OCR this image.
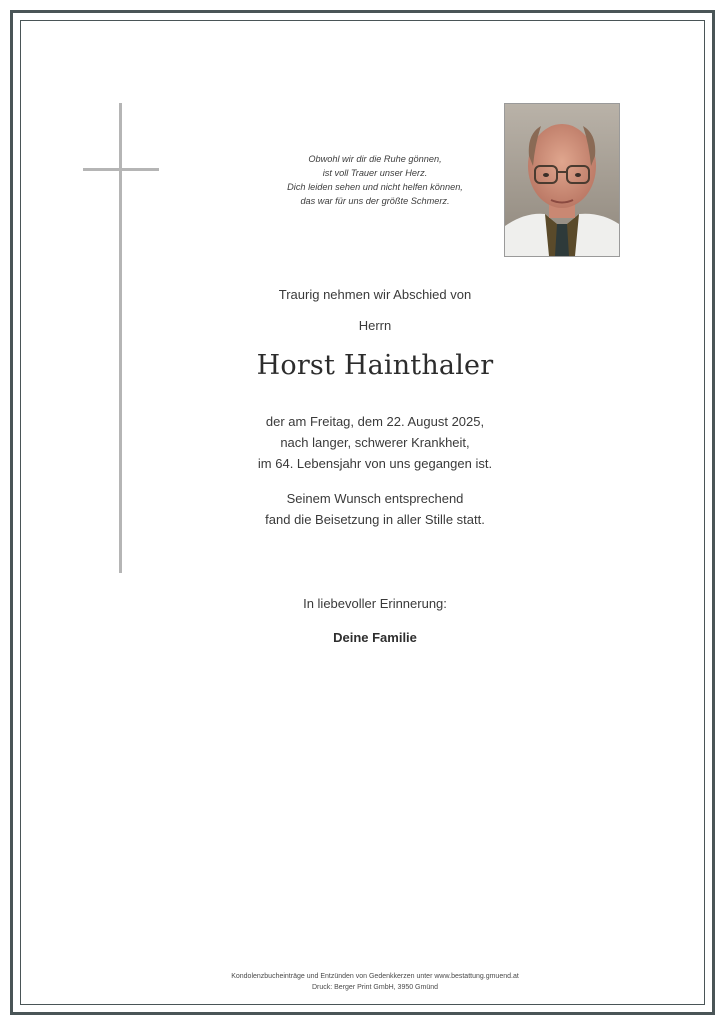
Obwohl wir dir die Ruhe gönnen,
ist voll Trauer unser Herz.
Dich leiden sehen und nicht helfen können,
das war für uns der größte Schmerz.
Traurig nehmen wir Abschied von
Herrn
Horst Hainthaler
der am Freitag, dem 22. August 2025,
nach langer, schwerer Krankheit,
im 64. Lebensjahr von uns gegangen ist.
Seinem Wunsch entsprechend
fand die Beisetzung in aller Stille statt.
In liebevoller Erinnerung:
Deine Familie
Kondolenzbucheinträge und Entzünden von Gedenkkerzen unter www.bestattung.gmuend.at
Druck: Berger Print GmbH, 3950 Gmünd
